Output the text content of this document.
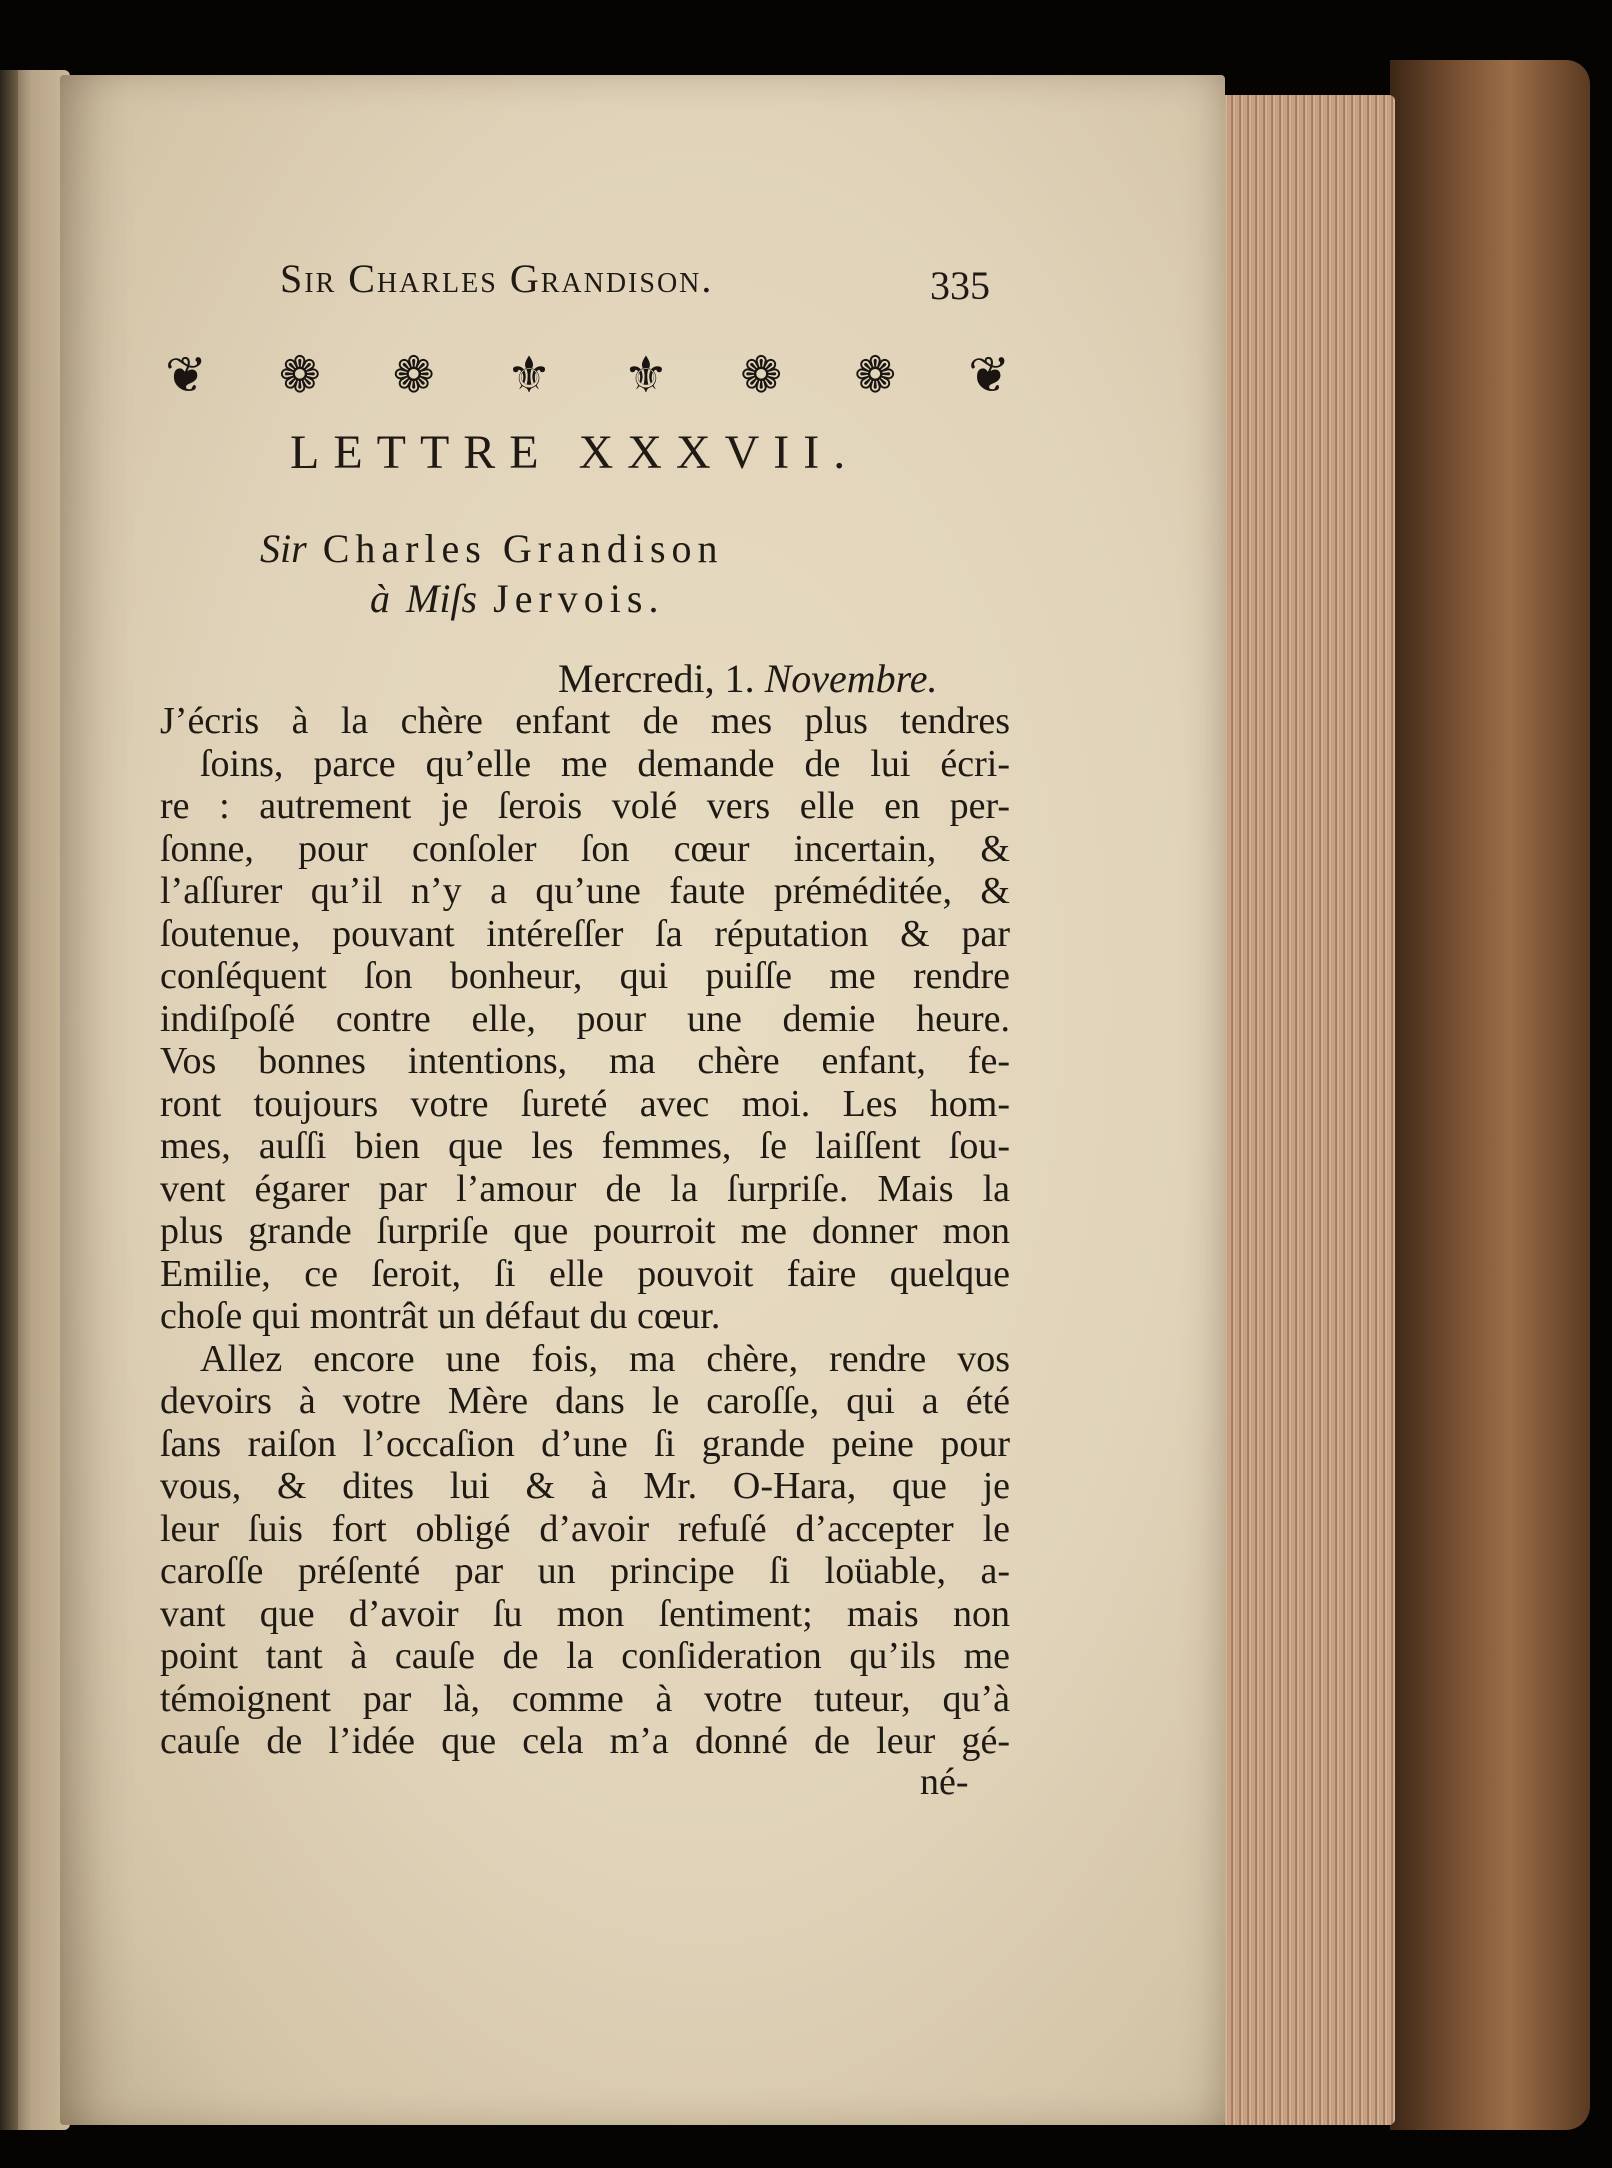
Sir Charles Grandison.	335
❦ ❁ ❁ ⚜ ⚜ ❁ ❁ ❦
LETTRE XXXVII.
Sir Charles Grandison
à Miſs Jervois.
Mercredi, 1. Novembre.
J’écris à la chère enfant de mes plus tendres
ſoins, parce qu’elle me demande de lui écri-
re : autrement je ſerois volé vers elle en per-
ſonne, pour conſoler ſon cœur incertain, &
l’aſſurer qu’il n’y a qu’une faute préméditée, &
ſoutenue, pouvant intéreſſer ſa réputation & par
conſéquent ſon bonheur, qui puiſſe me rendre
indiſpoſé contre elle, pour une demie heure.
Vos bonnes intentions, ma chère enfant, fe-
ront toujours votre ſureté avec moi. Les hom-
mes, auſſi bien que les femmes, ſe laiſſent ſou-
vent égarer par l’amour de la ſurpriſe. Mais la
plus grande ſurpriſe que pourroit me donner mon
Emilie, ce ſeroit, ſi elle pouvoit faire quelque
choſe qui montrât un défaut du cœur.
Allez encore une fois, ma chère, rendre vos
devoirs à votre Mère dans le caroſſe, qui a été
ſans raiſon l’occaſion d’une ſi grande peine pour
vous, & dites lui & à Mr. O-Hara, que je
leur ſuis fort obligé d’avoir refuſé d’accepter le
caroſſe préſenté par un principe ſi loüable, a-
vant que d’avoir ſu mon ſentiment; mais non
point tant à cauſe de la conſideration qu’ils me
témoignent par là, comme à votre tuteur, qu’à
cauſe de l’idée que cela m’a donné de leur gé-
né-
